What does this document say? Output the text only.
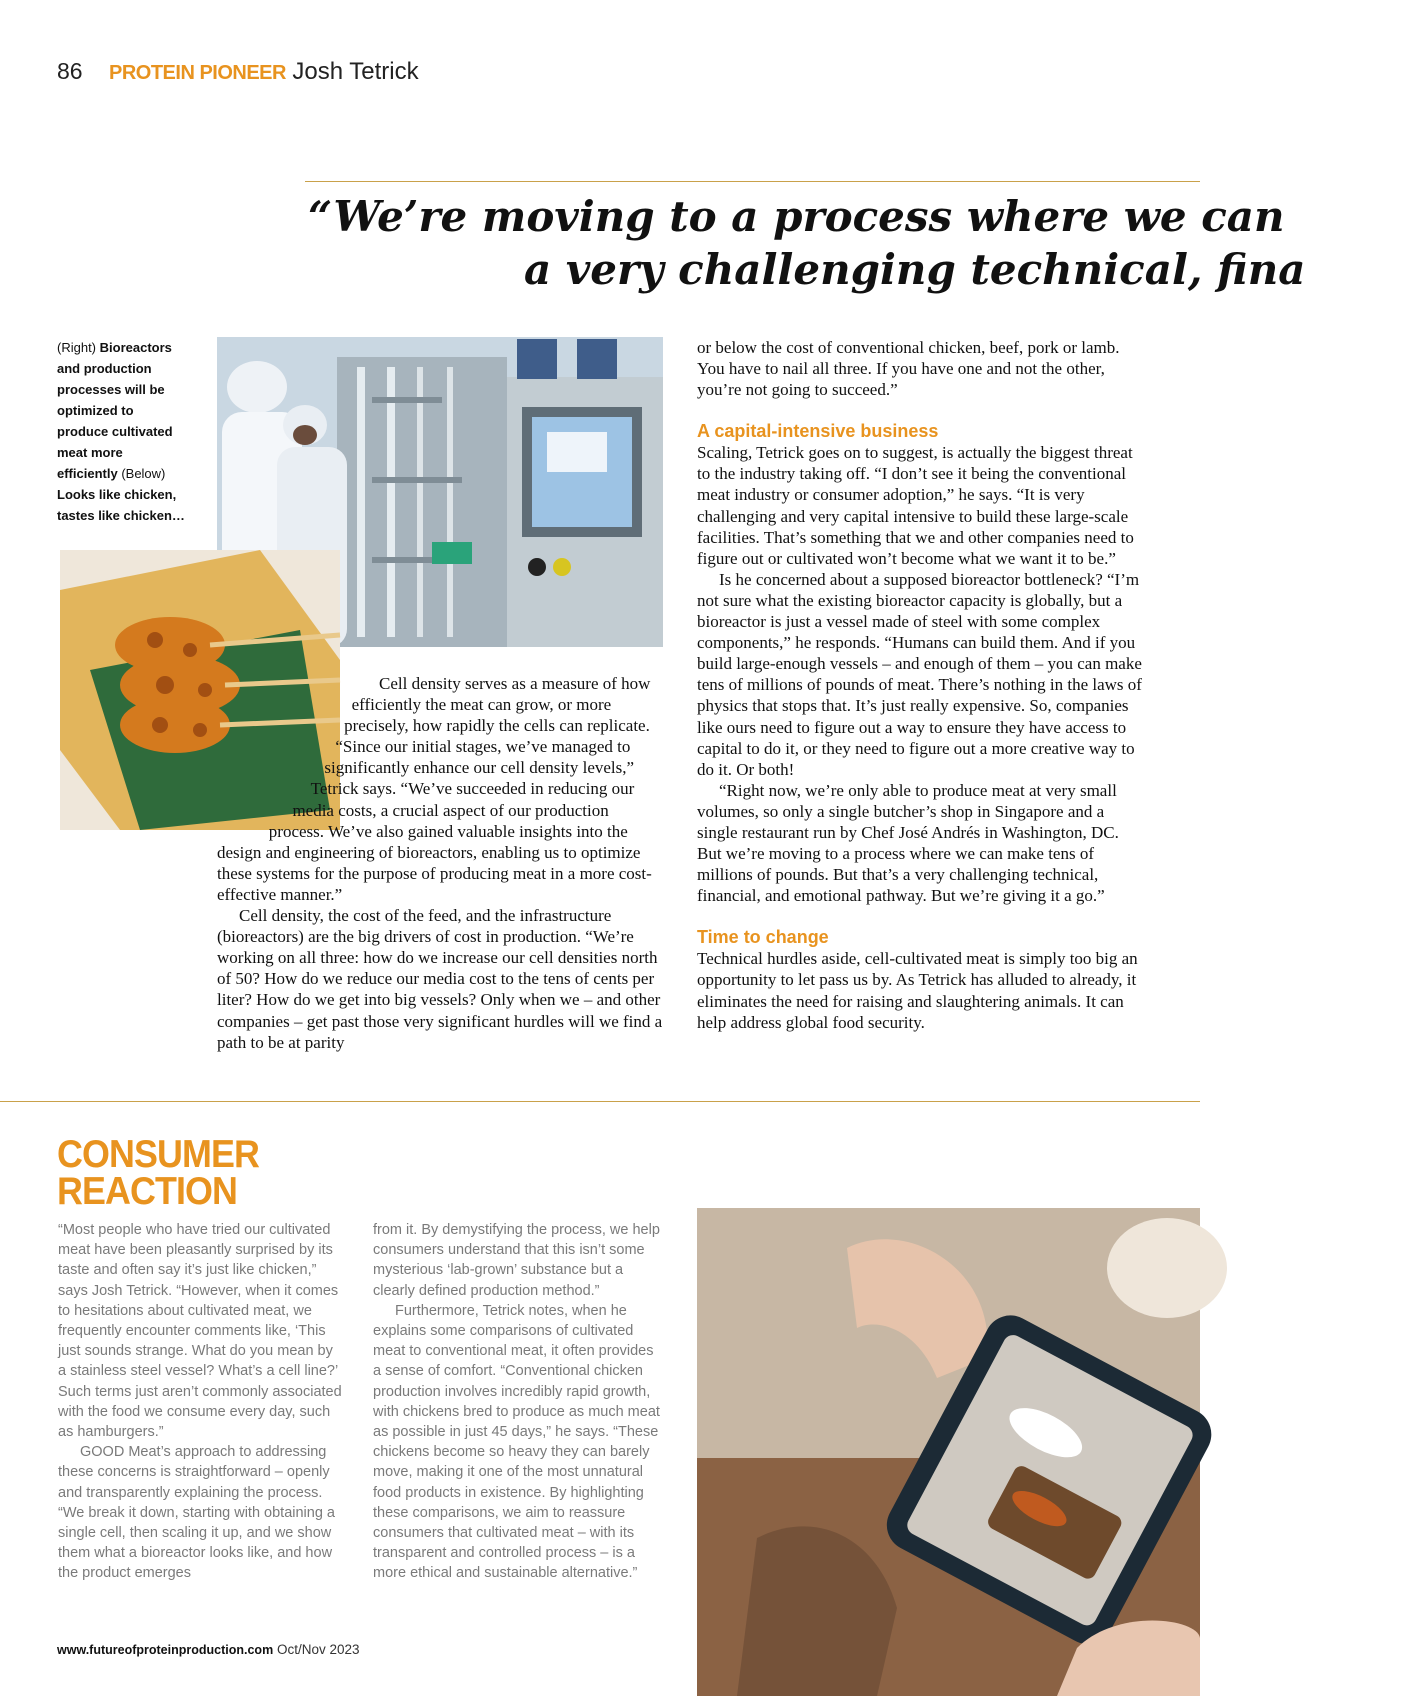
86 PROTEIN PIONEER Josh Tetrick
“We’re moving to a process where we can
a very challenging technical, fina
(Right) Bioreactors and production processes will be optimized to produce cultivated meat more efficiently (Below) Looks like chicken, tastes like chicken…

Cell density serves as a measure of how efficiently the meat can grow, or more precisely, how rapidly the cells can replicate. “Since our initial stages, we’ve managed to significantly enhance our cell density levels,” Tetrick says. “We’ve succeeded in reducing our media costs, a crucial aspect of our production process. We’ve also gained valuable insights into the design and engineering of bioreactors, enabling us to optimize these systems for the purpose of producing meat in a more cost-effective manner.”

Cell density, the cost of the feed, and the infrastructure (bioreactors) are the big drivers of cost in production. “We’re working on all three: how do we increase our cell densities north of 50? How do we reduce our media cost to the tens of cents per liter? How do we get into big vessels? Only when we – and other companies – get past those very significant hurdles will we find a path to be at parity

or below the cost of conventional chicken, beef, pork or lamb. You have to nail all three. If you have one and not the other, you’re not going to succeed.”

A capital-intensive business

Scaling, Tetrick goes on to suggest, is actually the biggest threat to the industry taking off. “I don’t see it being the conventional meat industry or consumer adoption,” he says. “It is very challenging and very capital intensive to build these large-scale facilities. That’s something that we and other companies need to figure out or cultivated won’t become what we want it to be.”

Is he concerned about a supposed bioreactor bottleneck? “I’m not sure what the existing bioreactor capacity is globally, but a bioreactor is just a vessel made of steel with some complex components,” he responds. “Humans can build them. And if you build large-enough vessels – and enough of them – you can make tens of millions of pounds of meat. There’s nothing in the laws of physics that stops that. It’s just really expensive. So, companies like ours need to figure out a way to ensure they have access to capital to do it, or they need to figure out a more creative way to do it. Or both!

“Right now, we’re only able to produce meat at very small volumes, so only a single butcher’s shop in Singapore and a single restaurant run by Chef José Andrés in Washington, DC. But we’re moving to a process where we can make tens of millions of pounds. But that’s a very challenging technical, financial, and emotional pathway. But we’re giving it a go.”

Time to change

Technical hurdles aside, cell-cultivated meat is simply too big an opportunity to let pass us by. As Tetrick has alluded to already, it eliminates the need for raising and slaughtering animals. It can help address global food security.

CONSUMER
REACTION

“Most people who have tried our cultivated meat have been pleasantly surprised by its taste and often say it’s just like chicken,” says Josh Tetrick. “However, when it comes to hesitations about cultivated meat, we frequently encounter comments like, ‘This just sounds strange. What do you mean by a stainless steel vessel? What’s a cell line?’ Such terms just aren’t commonly associated with the food we consume every day, such as hamburgers.”

GOOD Meat’s approach to addressing these concerns is straightforward – openly and transparently explaining the process. “We break it down, starting with obtaining a single cell, then scaling it up, and we show them what a bioreactor looks like, and how the product emerges

from it. By demystifying the process, we help consumers understand that this isn’t some mysterious ‘lab-grown’ substance but a clearly defined production method.”

Furthermore, Tetrick notes, when he explains some comparisons of cultivated meat to conventional meat, it often provides a sense of comfort. “Conventional chicken production involves incredibly rapid growth, with chickens bred to produce as much meat as possible in just 45 days,” he says. “These chickens become so heavy they can barely move, making it one of the most unnatural food products in existence. By highlighting these comparisons, we aim to reassure consumers that cultivated meat – with its transparent and controlled process – is a more ethical and sustainable alternative.”

www.futureofproteinproduction.com Oct/Nov 2023
